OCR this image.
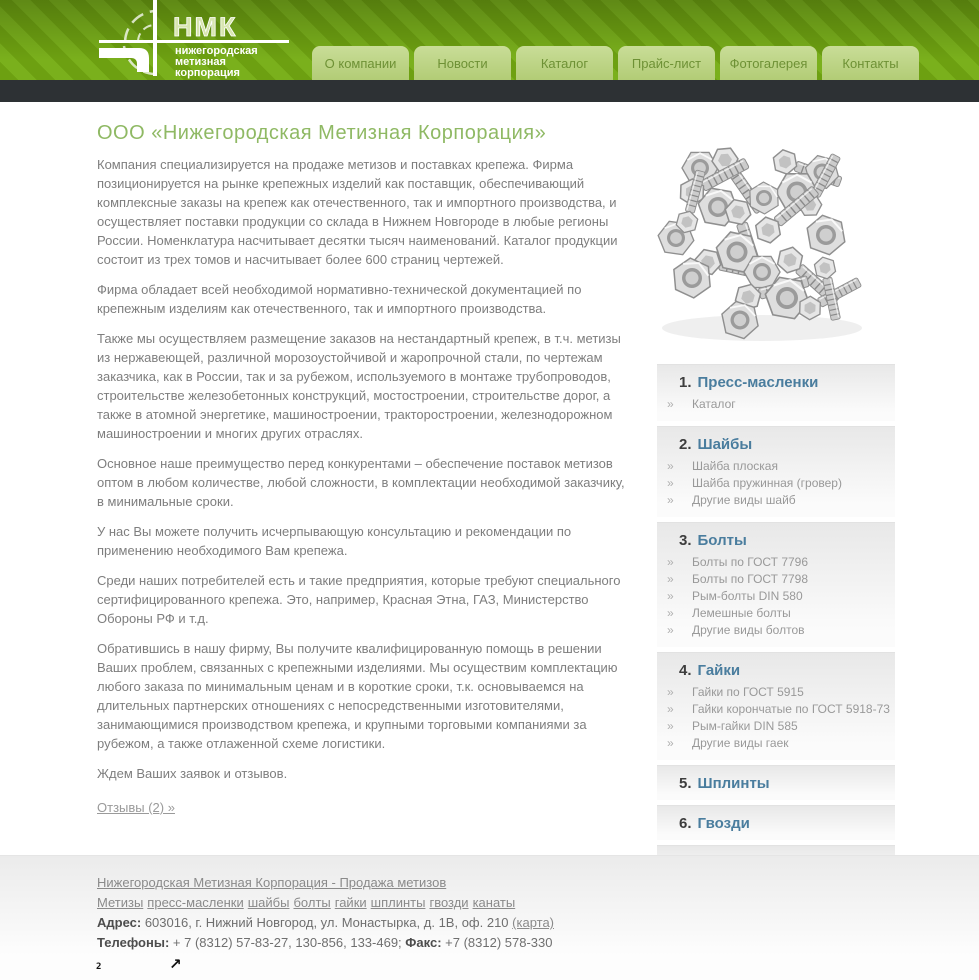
НМК
нижегородская
метизная
корпорация
О компании	Новости	Каталог	Прайс-лист	Фотогалерея	Контакты
ООО «Нижегородская Метизная Корпорация»

Компания специализируется на продаже метизов и поставках крепежа. Фирма позиционируется на рынке крепежных изделий как поставщик, обеспечивающий комплексные заказы на крепеж как отечественного, так и импортного производства, и осуществляет поставки продукции со склада в Нижнем Новгороде в любые регионы России. Номенклатура насчитывает десятки тысяч наименований. Каталог продукции состоит из трех томов и насчитывает более 600 страниц чертежей.

Фирма обладает всей необходимой нормативно-технической документацией по крепежным изделиям как отечественного, так и импортного производства.

Также мы осуществляем размещение заказов на нестандартный крепеж, в т.ч. метизы из нержавеющей, различной морозоустойчивой и жаропрочной стали, по чертежам заказчика, как в России, так и за рубежом, используемого в монтаже трубопроводов, строительстве железобетонных конструкций, мостостроении, строительстве дорог, а также в атомной энергетике, машиностроении, тракторостроении, железнодорожном машиностроении и многих других отраслях.

Основное наше преимущество перед конкурентами – обеспечение поставок метизов оптом в любом количестве, любой сложности, в комплектации необходимой заказчику, в минимальные сроки.

У нас Вы можете получить исчерпывающую консультацию и рекомендации по применению необходимого Вам крепежа.

Среди наших потребителей есть и такие предприятия, которые требуют специального сертифицированного крепежа. Это, например, Красная Этна, ГАЗ, Министерство Обороны РФ и т.д.

Обратившись в нашу фирму, Вы получите квалифицированную помощь в решении Ваших проблем, связанных с крепежными изделиями. Мы осуществим комплектацию любого заказа по минимальным ценам и в короткие сроки, т.к. основываемся на длительных партнерских отношениях с непосредственными изготовителями, занимающимися производством крепежа, и крупными торговыми компаниями за рубежом, а также отлаженной схеме логистики.

Ждем Ваших заявок и отзывов.

Отзывы (2) »
1. Пресс-масленки
» Каталог
2. Шайбы
» Шайба плоская
» Шайба пружинная (гровер)
» Другие виды шайб
3. Болты
» Болты по ГОСТ 7796
» Болты по ГОСТ 7798
» Рым-болты DIN 580
» Лемешные болты
» Другие виды болтов
4. Гайки
» Гайки по ГОСТ 5915
» Гайки корончатые по ГОСТ 5918-73
» Рым-гайки DIN 585
» Другие виды гаек
5. Шплинты
6. Гвозди
Нижегородская Метизная Корпорация - Продажа метизов
Метизы пресс-масленки шайбы болты гайки шплинты гвозди канаты
Адрес: 603016, г. Нижний Новгород, ул. Монастырка, д. 1В, оф. 210 (карта)
Телефоны: + 7 (8312) 57-83-27, 130-856, 133-469; Факс: +7 (8312) 578-330
2	↗
